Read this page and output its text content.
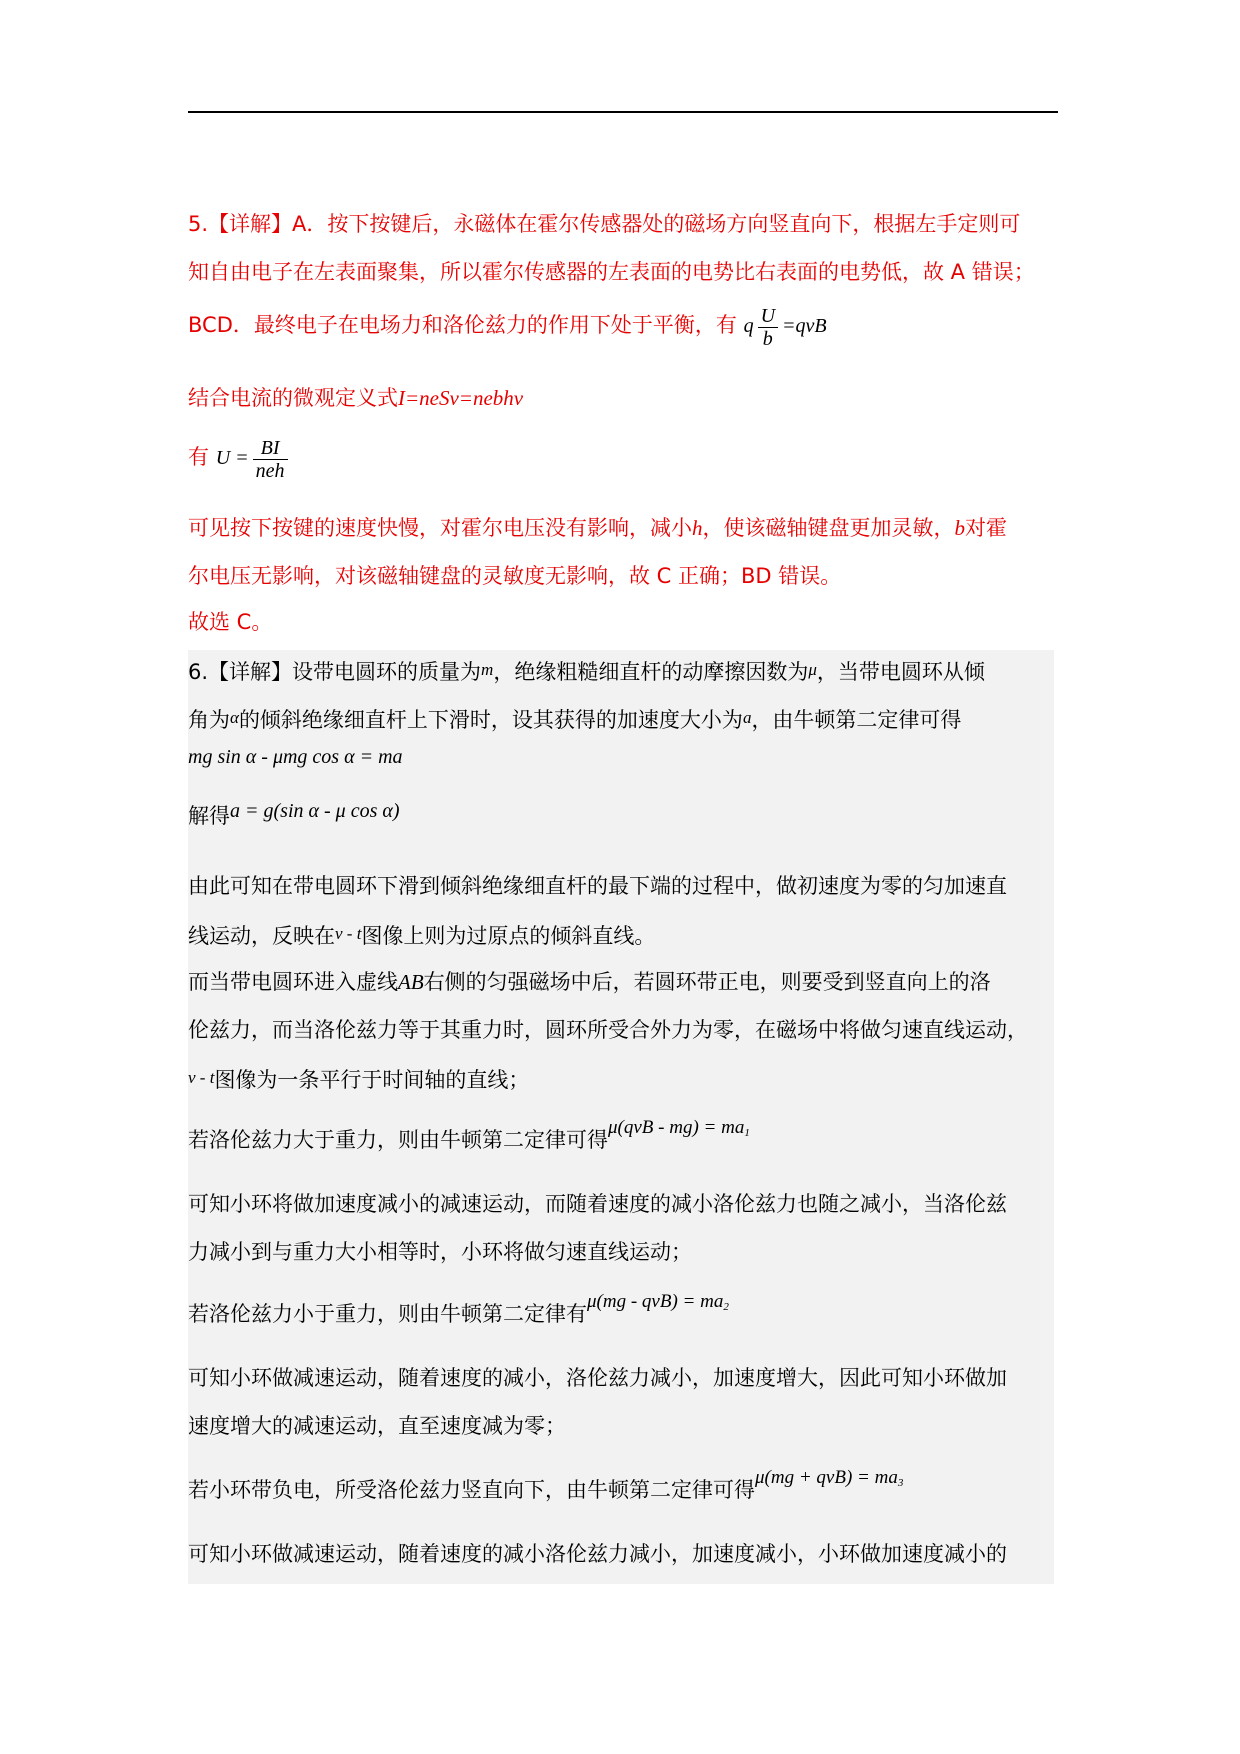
5.【详解】A．按下按键后，永磁体在霍尔传感器处的磁场方向竖直向下，根据左手定则可
知自由电子在左表面聚集，所以霍尔传感器的左表面的电势比右表面的电势低，故 A 错误；
BCD．最终电子在电场力和洛伦兹力的作用下处于平衡，有 q $\frac{U}{b} =qvB$
结合电流的微观定义式I=neSv=nebhv
有 $U = \frac{BI}{\text{neh}}$
可见按下按键的速度快慢，对霍尔电压没有影响，减小h，使该磁轴键盘更加灵敏，b对霍
尔电压无影响，对该磁轴键盘的灵敏度无影响，故 C 正确；BD 错误。
故选 C。
6.【详解】设带电圆环的质量为m，绝缘粗糙细直杆的动摩擦因数为μ，当带电圆环从倾
角为α的倾斜绝缘细直杆上下滑时，设其获得的加速度大小为a，由牛顿第二定律可得
mg sin α - μmg cos α = ma
解得a = g(sin α - μ cos α)
由此可知在带电圆环下滑到倾斜绝缘细直杆的最下端的过程中，做初速度为零的匀加速直
线运动，反映在v - t图像上则为过原点的倾斜直线。
而当带电圆环进入虚线AB右侧的匀强磁场中后，若圆环带正电，则要受到竖直向上的洛
伦兹力，而当洛伦兹力等于其重力时，圆环所受合外力为零，在磁场中将做匀速直线运动，
v - t图像为一条平行于时间轴的直线；
若洛伦兹力大于重力，则由牛顿第二定律可得μ(qvB - mg) = ma1
可知小环将做加速度减小的减速运动，而随着速度的减小洛伦兹力也随之减小，当洛伦兹
力减小到与重力大小相等时，小环将做匀速直线运动；
若洛伦兹力小于重力，则由牛顿第二定律有μ(mg - qvB) = ma2
可知小环做减速运动，随着速度的减小，洛伦兹力减小，加速度增大，因此可知小环做加
速度增大的减速运动，直至速度减为零；
若小环带负电，所受洛伦兹力竖直向下，由牛顿第二定律可得μ(mg + qvB) = ma3
可知小环做减速运动，随着速度的减小洛伦兹力减小，加速度减小，小环做加速度减小的
